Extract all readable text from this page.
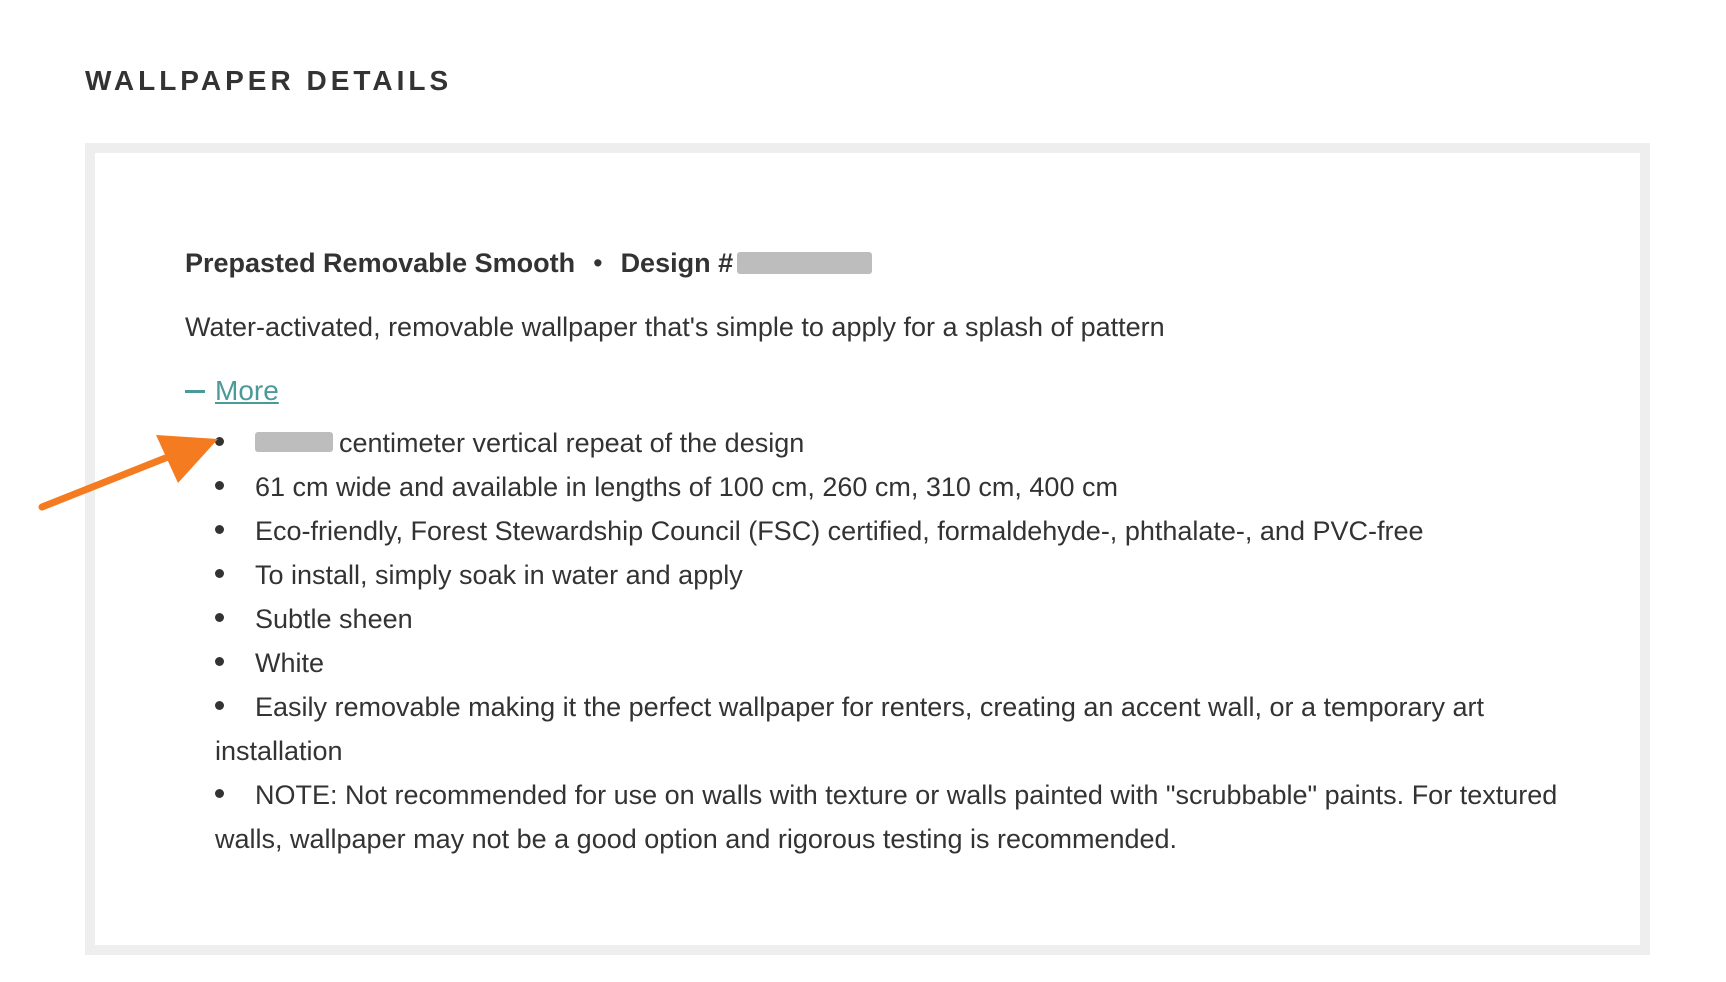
WALLPAPER DETAILS
Prepasted Removable Smooth • Design #
Water-activated, removable wallpaper that's simple to apply for a splash of pattern
More
centimeter vertical repeat of the design
61 cm wide and available in lengths of 100 cm, 260 cm, 310 cm, 400 cm
Eco-friendly, Forest Stewardship Council (FSC) certified, formaldehyde-, phthalate-, and PVC-free
To install, simply soak in water and apply
Subtle sheen
White
Easily removable making it the perfect wallpaper for renters, creating an accent wall, or a temporary art installation
NOTE: Not recommended for use on walls with texture or walls painted with "scrubbable" paints. For textured walls, wallpaper may not be a good option and rigorous testing is recommended.
